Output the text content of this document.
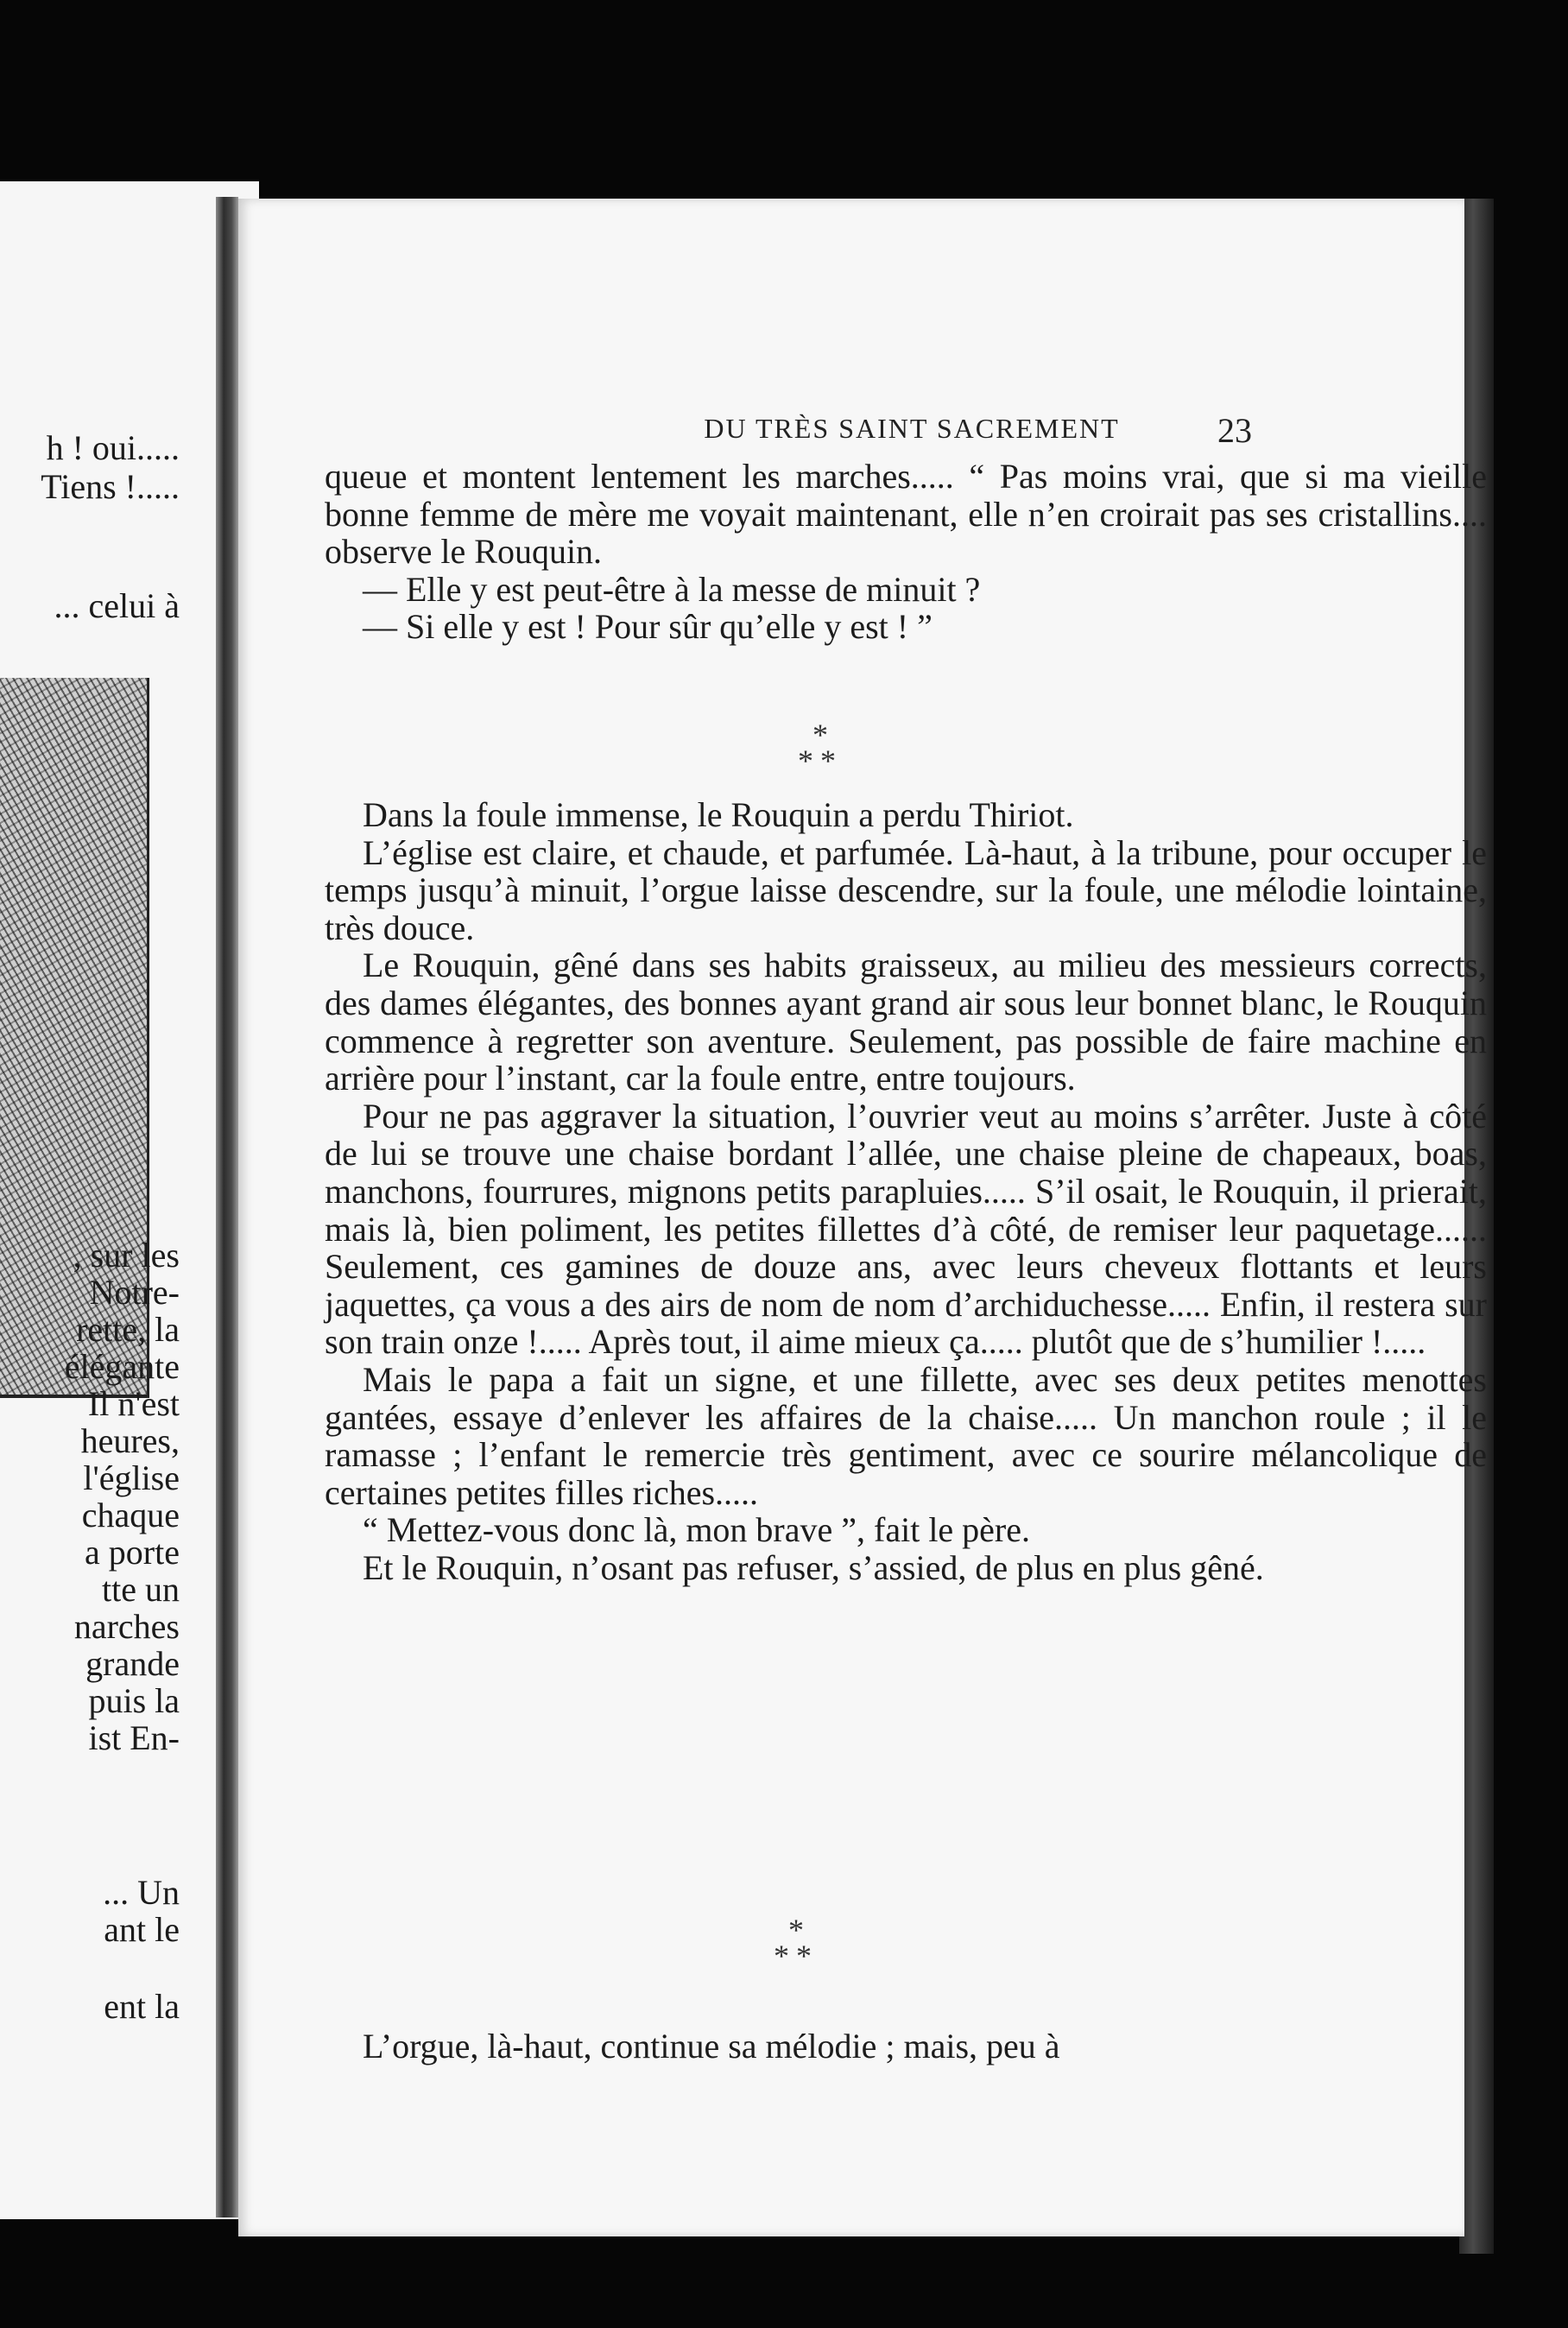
h ! oui.....
Tiens !.....
... celui à
, sur les
Notre-
rette, la
élégante
Il n'est
heures,
l'église
chaque
a porte
tte un
narches
grande
puis la
ist En-
... Un
ant le
ent la
DU TRÈS SAINT SACREMENT	23

queue et montent lentement les marches..... “ Pas moins vrai, que si ma vieille bonne femme de mère me voyait maintenant, elle n’en croirait pas ses cristallins.... observe le Rouquin.

— Elle y est peut-être à la messe de minuit ?

— Si elle y est ! Pour sûr qu’elle y est ! ”

*
**

Dans la foule immense, le Rouquin a perdu Thiriot.

L’église est claire, et chaude, et parfumée. Là-haut, à la tribune, pour occuper le temps jusqu’à minuit, l’orgue laisse descendre, sur la foule, une mélodie lointaine, très douce.

Le Rouquin, gêné dans ses habits graisseux, au milieu des messieurs corrects, des dames élégantes, des bonnes ayant grand air sous leur bonnet blanc, le Rouquin commence à regretter son aventure. Seulement, pas possible de faire machine en arrière pour l’instant, car la foule entre, entre toujours.

Pour ne pas aggraver la situation, l’ouvrier veut au moins s’arrêter. Juste à côté de lui se trouve une chaise bordant l’allée, une chaise pleine de chapeaux, boas, manchons, fourrures, mignons petits parapluies..... S’il osait, le Rouquin, il prierait, mais là, bien poliment, les petites fillettes d’à côté, de remiser leur paquetage...... Seulement, ces gamines de douze ans, avec leurs cheveux flottants et leurs jaquettes, ça vous a des airs de nom de nom d’archiduchesse..... Enfin, il restera sur son train onze !..... Après tout, il aime mieux ça..... plutôt que de s’humilier !.....

Mais le papa a fait un signe, et une fillette, avec ses deux petites menottes gantées, essaye d’enlever les affaires de la chaise..... Un manchon roule ; il le ramasse ; l’enfant le remercie très gentiment, avec ce sourire mélancolique de certaines petites filles riches.....

“ Mettez-vous donc là, mon brave ”, fait le père.

Et le Rouquin, n’osant pas refuser, s’assied, de plus en plus gêné.

*
**

L’orgue, là-haut, continue sa mélodie ; mais, peu à
